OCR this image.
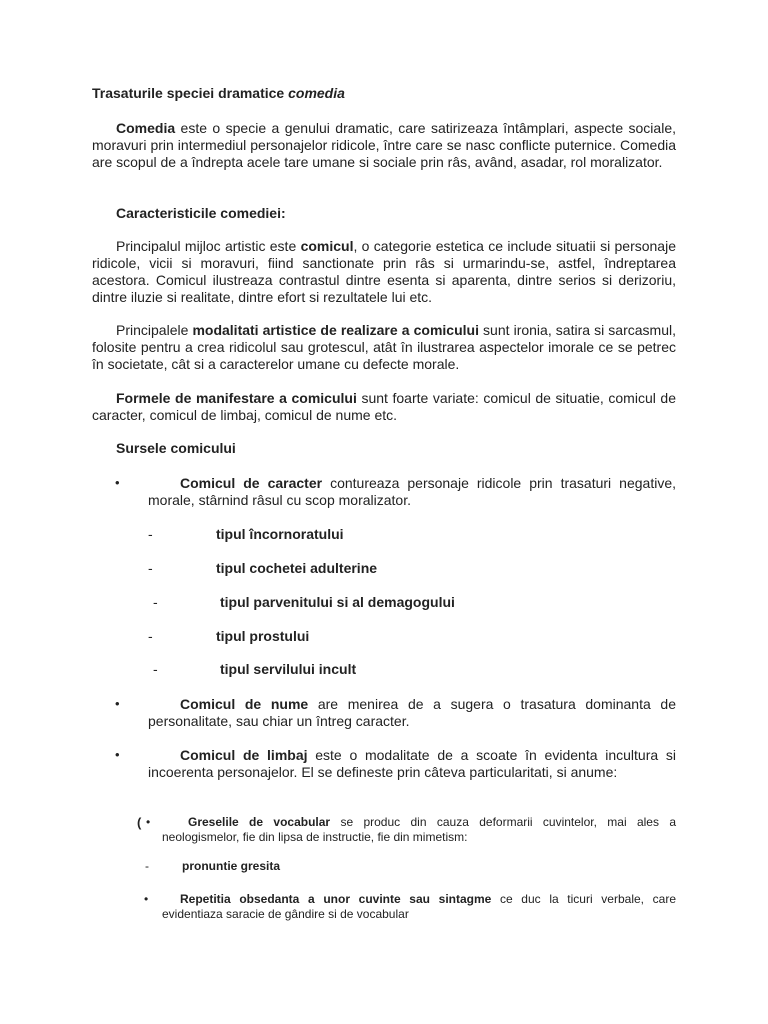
Trasaturile speciei dramatice comedia
Comedia este o specie a genului dramatic, care satirizeaza întâmplari, aspecte sociale, moravuri prin intermediul personajelor ridicole, între care se nasc conflicte puternice. Comedia are scopul de a îndrepta acele tare umane si sociale prin râs, având, asadar, rol moralizator.
Caracteristicile comediei:
Principalul mijloc artistic este comicul, o categorie estetica ce include situatii si personaje ridicole, vicii si moravuri, fiind sanctionate prin râs si urmarindu-se, astfel, îndreptarea acestora. Comicul ilustreaza contrastul dintre esenta si aparenta, dintre serios si derizoriu, dintre iluzie si realitate, dintre efort si rezultatele lui etc.
Principalele modalitati artistice de realizare a comicului sunt ironia, satira si sarcasmul, folosite pentru a crea ridicolul sau grotescul, atât în ilustrarea aspectelor imorale ce se petrec în societate, cât si a caracterelor umane cu defecte morale.
Formele de manifestare a comicului sunt foarte variate: comicul de situatie, comicul de caracter, comicul de limbaj, comicul de nume etc.
Sursele comicului
•	Comicul de caracter contureaza personaje ridicole prin trasaturi negative, morale, stârnind râsul cu scop moralizator.
-	tipul încornoratului
-	tipul cochetei adulterine
-	tipul parvenitului si al demagogului
-	tipul prostului
-	tipul servilului incult
•	Comicul de nume are menirea de a sugera o trasatura dominanta de personalitate, sau chiar un întreg caracter.
•	Comicul de limbaj este o modalitate de a scoate în evidenta incultura si incoerenta personajelor. El se defineste prin câteva particularitati, si anume:
( •	Greselile de vocabular se produc din cauza deformarii cuvintelor, mai ales a neologismelor, fie din lipsa de instructie, fie din mimetism:
-	pronuntie gresita
•	Repetitia obsedanta a unor cuvinte sau sintagme ce duc la ticuri verbale, care evidentiaza saracie de gândire si de vocabular
